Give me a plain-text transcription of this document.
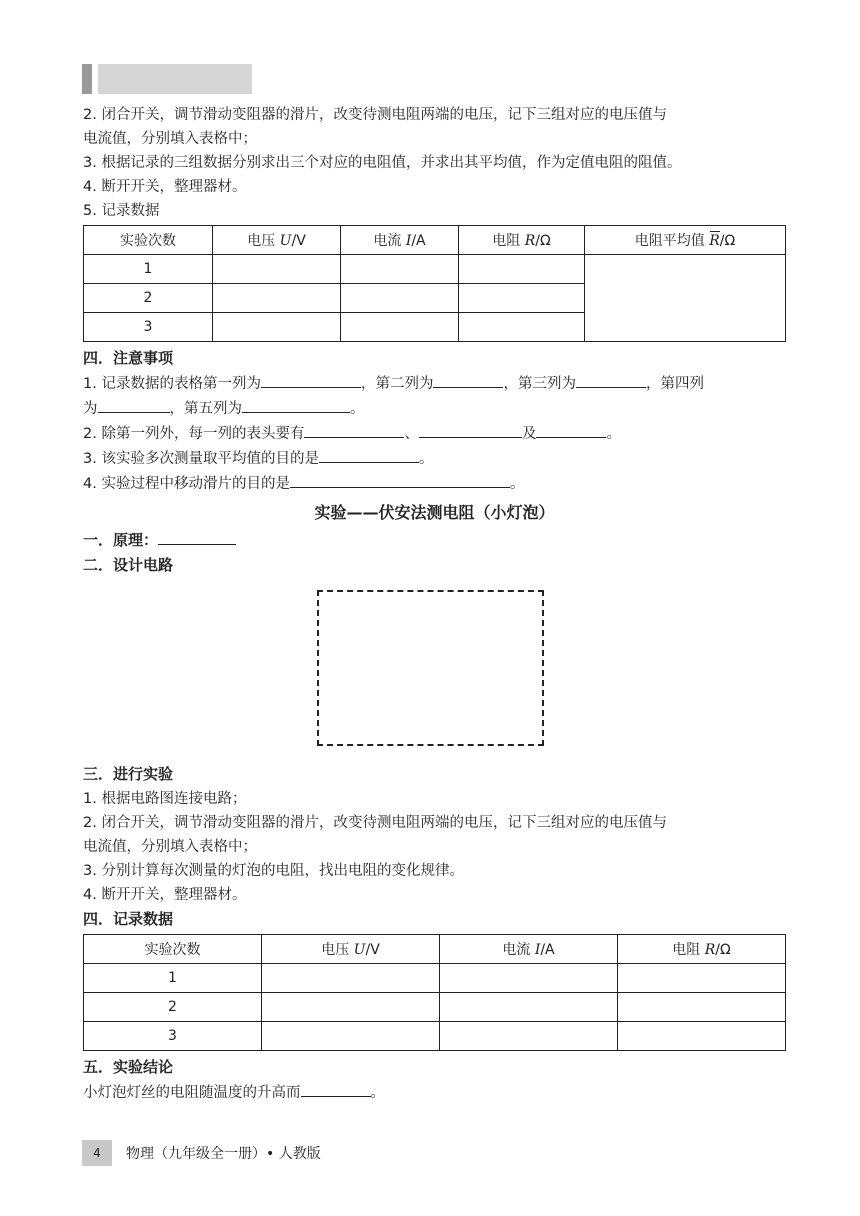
2. 闭合开关，调节滑动变阻器的滑片，改变待测电阻两端的电压，记下三组对应的电压值与

电流值，分别填入表格中；

3. 根据记录的三组数据分别求出三个对应的电阻值，并求出其平均值，作为定值电阻的阻值。

4. 断开开关，整理器材。

5. 记录数据

实验次数	电压 U/V	电流 I/A	电阻 R/Ω	电阻平均值 R/Ω
1				
2				
3				

四．注意事项

1. 记录数据的表格第一列为	，第二列为	，第三列为	，第四列

为	，第五列为	。

2. 除第一列外，每一列的表头要有	、	及	。

3. 该实验多次测量取平均值的目的是	。

4. 实验过程中移动滑片的目的是	。

实验——伏安法测电阻（小灯泡）

一．原理：

二．设计电路

三．进行实验

1. 根据电路图连接电路；

2. 闭合开关，调节滑动变阻器的滑片，改变待测电阻两端的电压，记下三组对应的电压值与

电流值，分别填入表格中；

3. 分别计算每次测量的灯泡的电阻，找出电阻的变化规律。

4. 断开开关，整理器材。

四．记录数据

实验次数	电压 U/V	电流 I/A	电阻 R/Ω
1			
2			
3			

五．实验结论

小灯泡灯丝的电阻随温度的升高而	。

4	物理（九年级全一册）• 人教版
